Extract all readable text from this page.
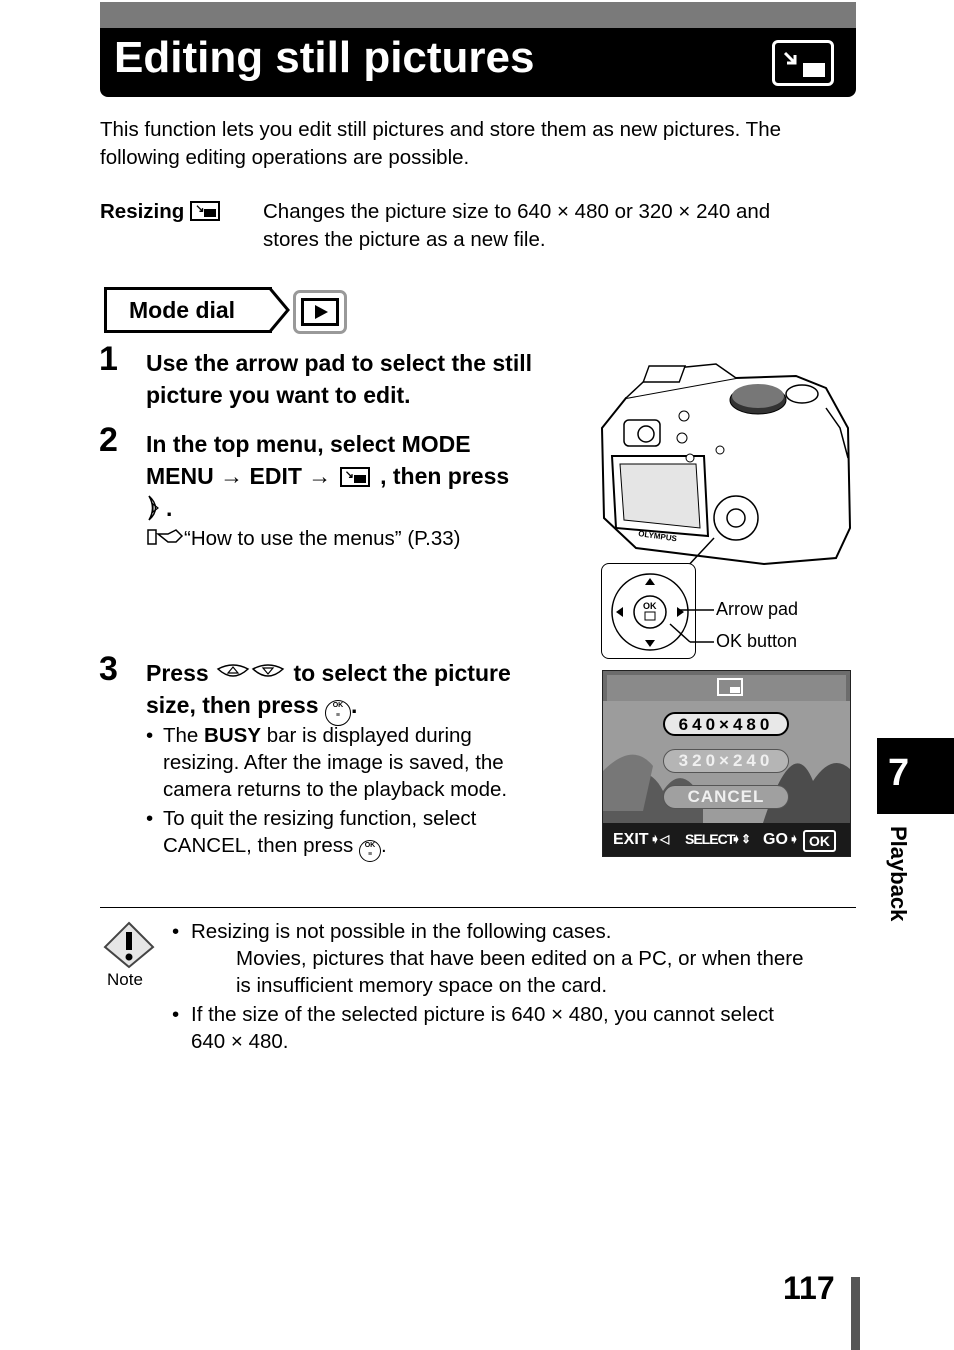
Editing still pictures
This function lets you edit still pictures and store them as new pictures. The following editing operations are possible.
Resizing ↘	Changes the picture size to 640 × 480 or 320 × 240 and
stores the picture as a new file.
Mode dial
1 Use the arrow pad to select the still
picture you want to edit.
2 In the top menu, select MODE
MENU → EDIT → ↘ , then press
.
“How to use the menus” (P.33)
3 Press	to select the picture
size, then press OK
≡ .
• The BUSY bar is displayed during
resizing. After the image is saved, the
camera returns to the playback mode.
• To quit the resizing function, select
CANCEL, then press OK
≡ .
OLYMPUS
OK	Arrow pad
OK button
640×480
320×240
CANCEL
EXIT ➧◁ SELECT
➧⇕ GO ➧ OK
7
Playback
Note
• Resizing is not possible in the following cases.
Movies, pictures that have been edited on a PC, or when there
is insufficient memory space on the card.
• If the size of the selected picture is 640 × 480, you cannot select
640 × 480.
117
